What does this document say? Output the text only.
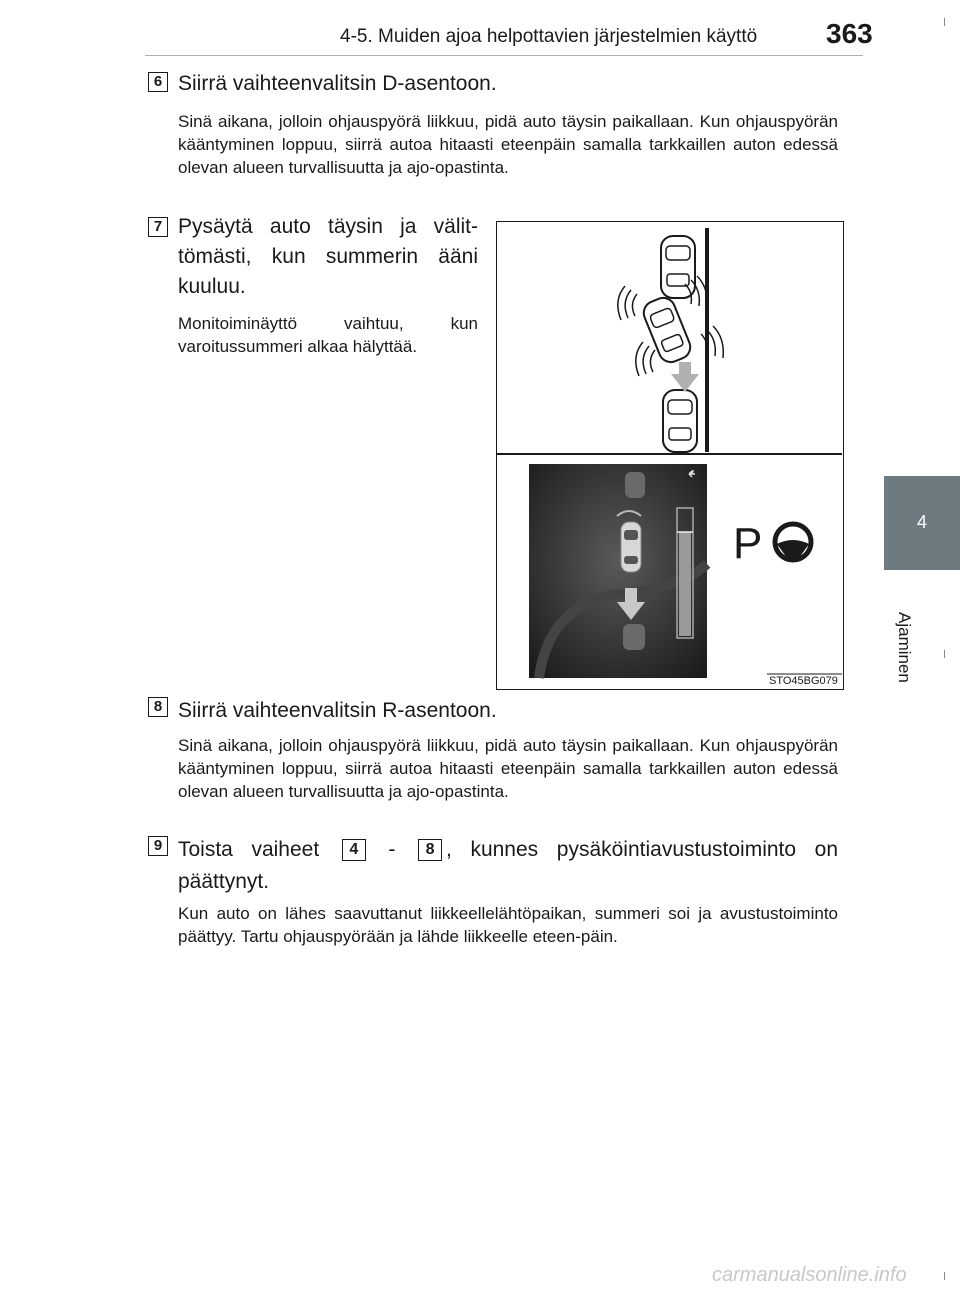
4-5. Muiden ajoa helpottavien järjestelmien käyttö 363
4
Ajaminen
6 Siirrä vaihteenvalitsin D-asentoon.
Sinä aikana, jolloin ohjauspyörä liikkuu, pidä auto täysin paikallaan. Kun ohjauspyörän kääntyminen loppuu, siirrä autoa hitaasti eteenpäin samalla tarkkaillen auton edessä olevan alueen turvallisuutta ja ajo-opastinta.
7 Pysäytä auto täysin ja välit-tömästi, kun summerin ääni kuuluu.
Monitoiminäyttö vaihtuu, kun varoitussummeri alkaa hälyttää.
P
STO45BG079
8 Siirrä vaihteenvalitsin R-asentoon.
Sinä aikana, jolloin ohjauspyörä liikkuu, pidä auto täysin paikallaan. Kun ohjauspyörän kääntyminen loppuu, siirrä autoa hitaasti eteenpäin samalla tarkkaillen auton edessä olevan alueen turvallisuutta ja ajo-opastinta.
9 Toista vaiheet 4 - 8 , kunnes pysäköintiavustustoiminto on päättynyt.
Kun auto on lähes saavuttanut liikkeellelähtöpaikan, summeri soi ja avustustoiminto päättyy. Tartu ohjauspyörään ja lähde liikkeelle eteen-päin.
carmanualsonline.info
